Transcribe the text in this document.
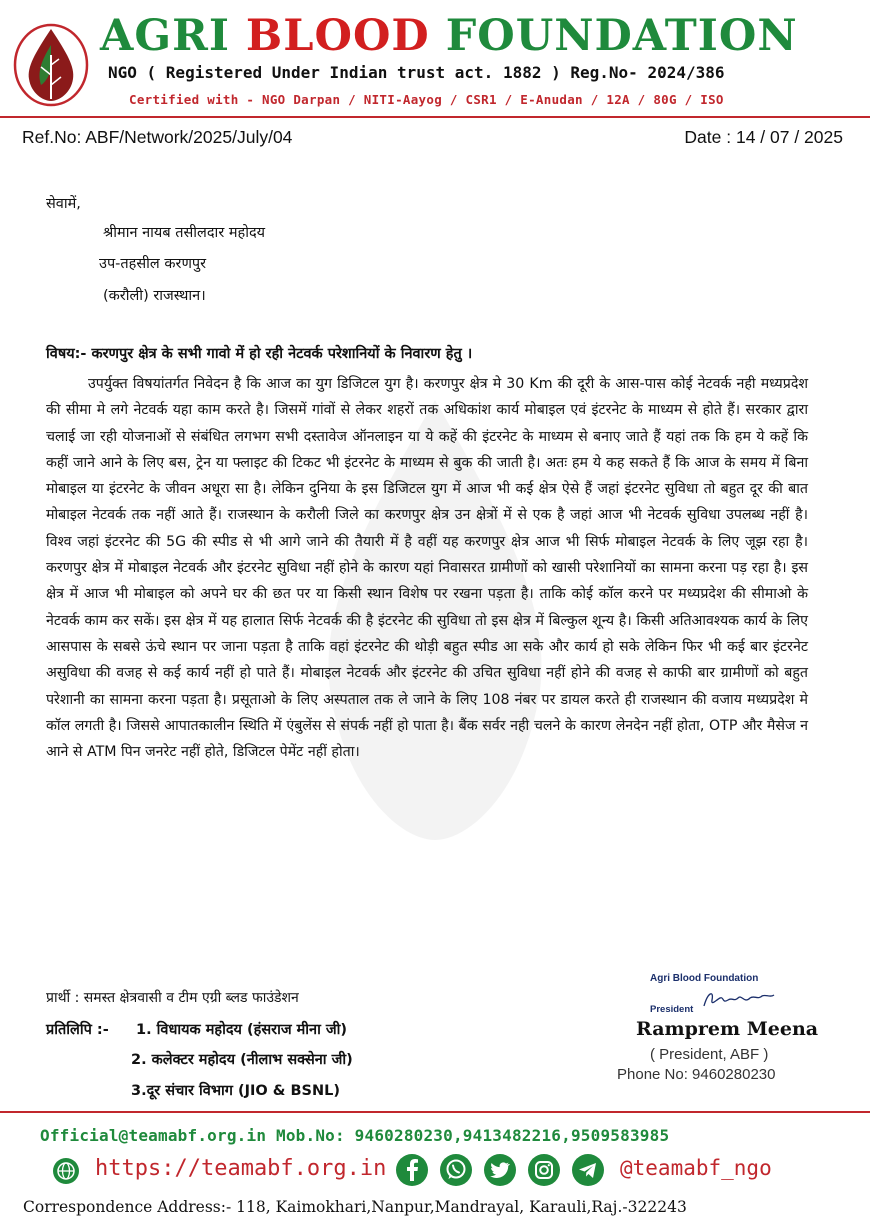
AGRI BLOOD FOUNDATION
NGO ( Registered Under Indian trust act. 1882 ) Reg.No- 2024/386
Certified with - NGO Darpan / NITI-Aayog / CSR1 / E-Anudan / 12A / 80G / ISO
Ref.No: ABF/Network/2025/July/04	Date : 14 / 07 / 2025
सेवामें,
श्रीमान नायब तसीलदार महोदय
उप-तहसील करणपुर
(करौली) राजस्थान।
विषय:- करणपुर क्षेत्र के सभी गावो में हो रही नेटवर्क परेशानियों के निवारण हेतु ।
उपर्युक्त विषयांतर्गत निवेदन है कि आज का युग डिजिटल युग है। करणपुर क्षेत्र मे 30 Km की दूरी के आस-पास कोई नेटवर्क नही मध्यप्रदेश की सीमा मे लगे नेटवर्क यहा काम करते है। जिसमें गांवों से लेकर शहरों तक अधिकांश कार्य मोबाइल एवं इंटरनेट के माध्यम से होते हैं। सरकार द्वारा चलाई जा रही योजनाओं से संबंधित लगभग सभी दस्तावेज ऑनलाइन या ये कहें की इंटरनेट के माध्यम से बनाए जाते हैं यहां तक कि हम ये कहें कि कहीं जाने आने के लिए बस, ट्रेन या फ्लाइट की टिकट भी इंटरनेट के माध्यम से बुक की जाती है। अतः हम ये कह सकते हैं कि आज के समय में बिना मोबाइल या इंटरनेट के जीवन अधूरा सा है। लेकिन दुनिया के इस डिजिटल युग में आज भी कई क्षेत्र ऐसे हैं जहां इंटरनेट सुविधा तो बहुत दूर की बात मोबाइल नेटवर्क तक नहीं आते हैं। राजस्थान के करौली जिले का करणपुर क्षेत्र उन क्षेत्रों में से एक है जहां आज भी नेटवर्क सुविधा उपलब्ध नहीं है। विश्व जहां इंटरनेट की 5G की स्पीड से भी आगे जाने की तैयारी में है वहीं यह करणपुर क्षेत्र आज भी सिर्फ मोबाइल नेटवर्क के लिए जूझ रहा है। करणपुर क्षेत्र में मोबाइल नेटवर्क और इंटरनेट सुविधा नहीं होने के कारण यहां निवासरत ग्रामीणों को खासी परेशानियों का सामना करना पड़ रहा है। इस क्षेत्र में आज भी मोबाइल को अपने घर की छत पर या किसी स्थान विशेष पर रखना पड़ता है। ताकि कोई कॉल करने पर मध्यप्रदेश की सीमाओ के नेटवर्क काम कर सकें। इस क्षेत्र में यह हालात सिर्फ नेटवर्क की है इंटरनेट की सुविधा तो इस क्षेत्र में बिल्कुल शून्य है। किसी अतिआवश्यक कार्य के लिए आसपास के सबसे ऊंचे स्थान पर जाना पड़ता है ताकि वहां इंटरनेट की थोड़ी बहुत स्पीड आ सके और कार्य हो सके लेकिन फिर भी कई बार इंटरनेट असुविधा की वजह से कई कार्य नहीं हो पाते हैं। मोबाइल नेटवर्क और इंटरनेट की उचित सुविधा नहीं होने की वजह से काफी बार ग्रामीणों को बहुत परेशानी का सामना करना पड़ता है। प्रसूताओ के लिए अस्पताल तक ले जाने के लिए 108 नंबर पर डायल करते ही राजस्थान की वजाय मध्यप्रदेश मे कॉल लगती है। जिससे आपातकालीन स्थिति में एंबुलेंस से संपर्क नहीं हो पाता है। बैंक सर्वर नही चलने के कारण लेनदेन नहीं होता, OTP और मैसेज न आने से ATM पिन जनरेट नहीं होते, डिजिटल पेमेंट नहीं होता।
प्रार्थी : समस्त क्षेत्रवासी व टीम एग्री ब्लड फाउंडेशन
प्रतिलिपि :- 1. विधायक महोदय (हंसराज मीना जी)
2. कलेक्टर महोदय (नीलाभ सक्सेना जी)
3.दूर संचार विभाग (JIO & BSNL)
Agri Blood Foundation
President
Ramprem Meena
( President, ABF )
Phone No: 9460280230
Official@teamabf.org.in Mob.No: 9460280230,9413482216,9509583985
https://teamabf.org.in	@teamabf_ngo
Correspondence Address:- 118, Kaimokhari,Nanpur,Mandrayal, Karauli,Raj.-322243
